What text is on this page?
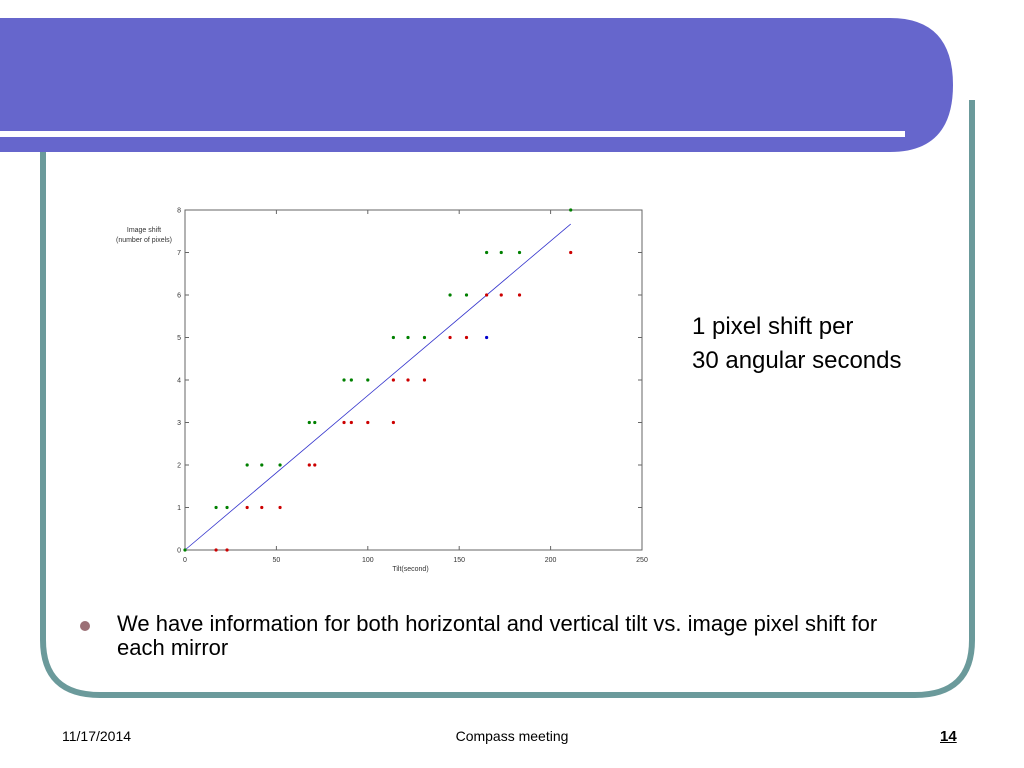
0	50	100	150	200	250
0
1
2
3
4
5
6
7
8
Tilt(second)
Image shift
(number of pixels)
1 pixel shift per
30 angular seconds
We have information for both horizontal and vertical tilt vs. image pixel shift for each mirror
11/17/2014	Compass meeting	14
